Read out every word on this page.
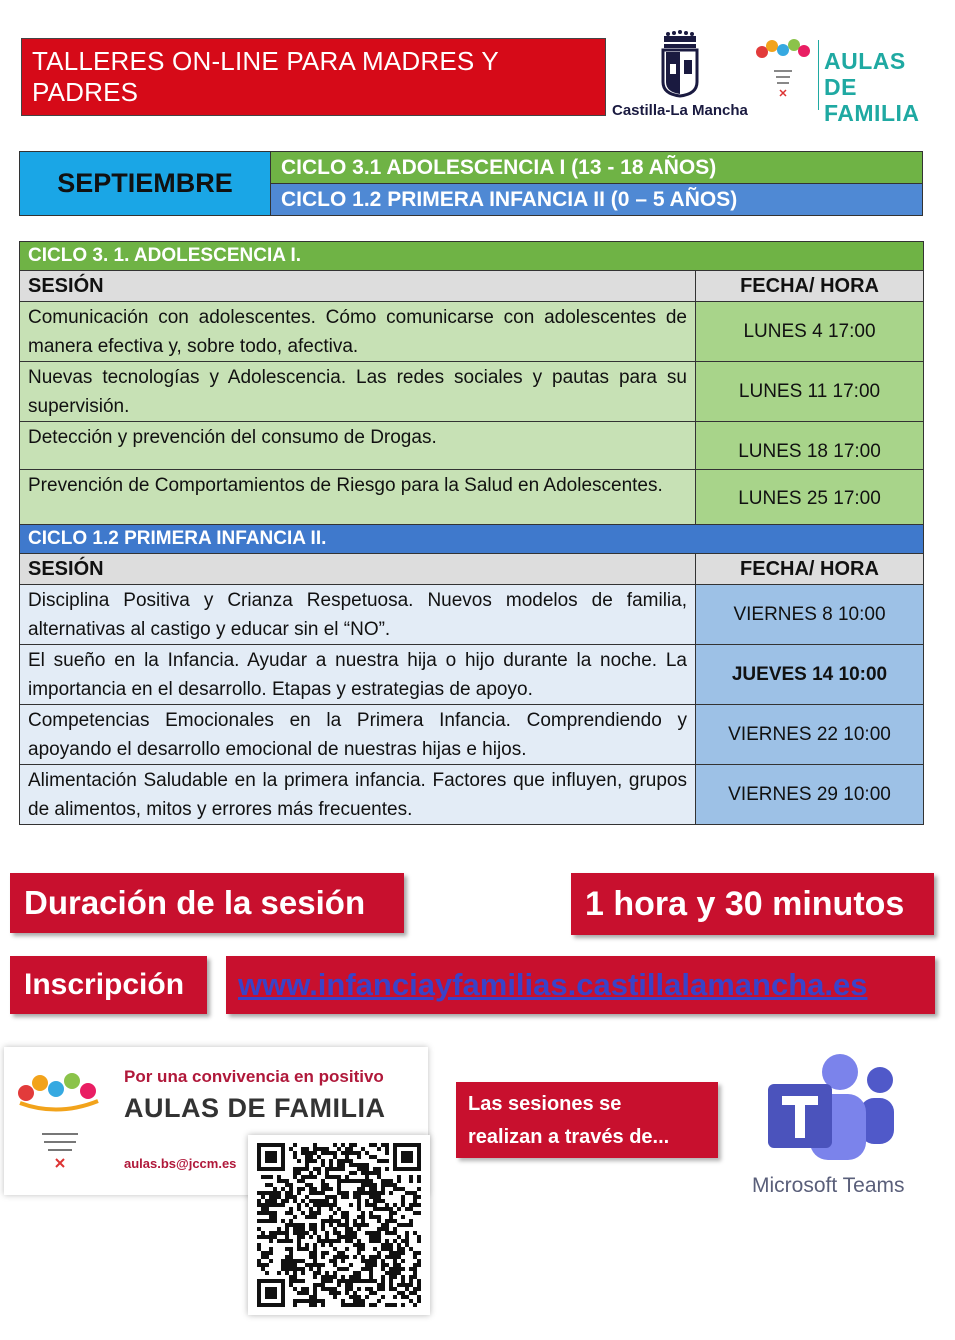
TALLERES ON-LINE PARA MADRES Y PADRES
Castilla-La Mancha
AULAS
DE FAMILIA
SEPTIEMBRE
CICLO 3.1 ADOLESCENCIA I (13 - 18 AÑOS)
CICLO 1.2 PRIMERA INFANCIA II (0 – 5 AÑOS)
CICLO 3. 1. ADOLESCENCIA I.	
SESIÓN	FECHA/ HORA
Comunicación con adolescentes. Cómo comunicarse con adolescentes de manera efectiva y, sobre todo, afectiva.	LUNES 4 17:00
Nuevas tecnologías y Adolescencia. Las redes sociales y pautas para su supervisión.	LUNES 11 17:00
Detección y prevención del consumo de Drogas.	LUNES 18 17:00
Prevención de Comportamientos de Riesgo para la Salud en Adolescentes.	LUNES 25 17:00
CICLO 1.2 PRIMERA INFANCIA II.	
SESIÓN	FECHA/ HORA
Disciplina Positiva y Crianza Respetuosa. Nuevos modelos de familia, alternativas al castigo y educar sin el “NO”.	VIERNES 8 10:00
El sueño en la Infancia. Ayudar a nuestra hija o hijo durante la noche. La importancia en el desarrollo. Etapas y estrategias de apoyo.	JUEVES 14 10:00
Competencias Emocionales en la Primera Infancia. Comprendiendo y apoyando el desarrollo emocional de nuestras hijas e hijos.	VIERNES 22 10:00
Alimentación Saludable en la primera infancia. Factores que influyen, grupos de alimentos, mitos y errores más frecuentes.	VIERNES 29 10:00
Duración de la sesión	1 hora y 30 minutos
Inscripción www.infanciayfamilias.castillalamancha.es
Por una convivencia en positivo
AULAS DE FAMILIA
aulas.bs@jccm.es
Las sesiones se
realizan a través de...
Microsoft Teams
